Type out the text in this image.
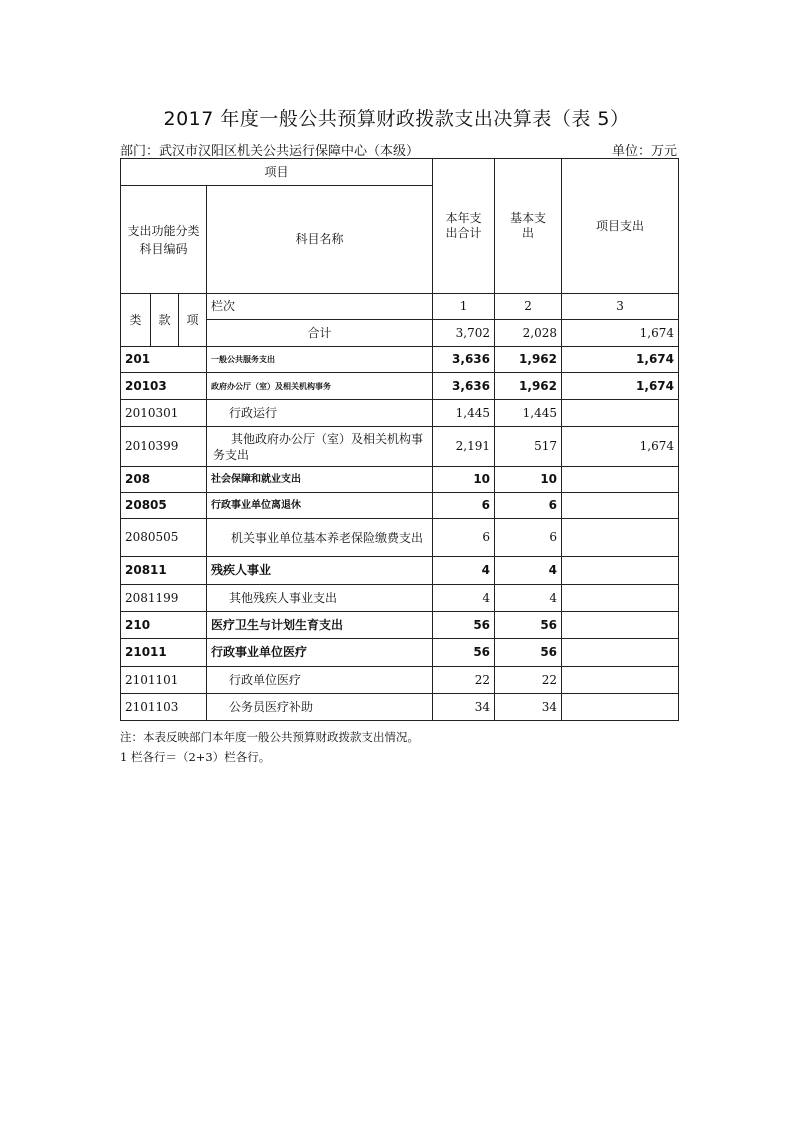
2017 年度一般公共预算财政拨款支出决算表（表 5）
部门：武汉市汉阳区机关公共运行保障中心（本级）	单位：万元
项目				本年支出合计	基本支出	项目支出
支出功能分类科目编码			科目名称			

类	款	项	栏次	1	2	3
			合计	3,702	2,028	1,674
201			一般公共服务支出	3,636	1,962	1,674
20103			政府办公厅（室）及相关机构事务	3,636	1,962	1,674
2010301			行政运行	1,445	1,445	
2010399			其他政府办公厅（室）及相关机构事务支出	2,191	517	1,674
208			社会保障和就业支出	10	10	
20805			行政事业单位离退休	6	6	
2080505			机关事业单位基本养老保险缴费支出	6	6	
20811			残疾人事业	4	4	
2081199			其他残疾人事业支出	4	4	
210			医疗卫生与计划生育支出	56	56	
21011			行政事业单位医疗	56	56	
2101101			行政单位医疗	22	22	
2101103			公务员医疗补助	34	34	
注：本表反映部门本年度一般公共预算财政拨款支出情况。
1 栏各行＝（2+3）栏各行。
